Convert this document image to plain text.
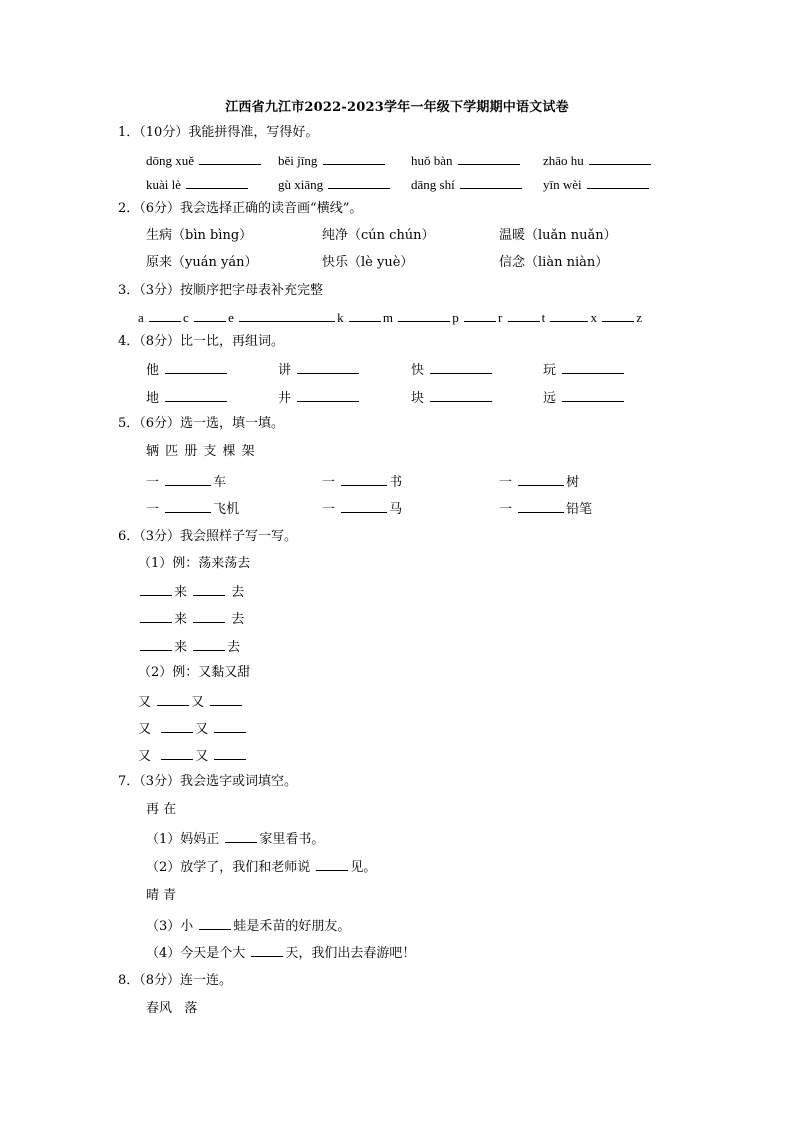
江西省九江市2022-2023学年一年级下学期期中语文试卷
1．（10分）我能拼得准，写得好。
dōng xuě	běi jīng	huǒ bàn	zhāo hu
kuài lè	gù xiāng	dāng shí	yīn wèi
2．（6分）我会选择正确的读音画“横线”。
生病（bìn bìng）	纯净（cún chún）	温暖（luǎn nuǎn）
原来（yuán yán）	快乐（lè yuè）	信念（liàn niàn）
3．（3分）按顺序把字母表补充完整
a	c	e	k	m	p	r	t	x	z
4．（8分）比一比，再组词。
他	讲	快	玩
地	井	块	远
5．（6分）选一选，填一填。
辆 匹 册 支 棵 架
一	车	一	书	一	树
一	飞机	一	马	一	铅笔
6．（3分）我会照样子写一写。
（1）例：荡来荡去
来	去
来	去
来	去
（2）例：又黏又甜
又	又
又	又
又	又
7．（3分）我会选字或词填空。
再 在
（1）妈妈正	家里看书。
（2）放学了，我们和老师说	见。
晴 青
（3）小	蛙是禾苗的好朋友。
（4）今天是个大	天，我们出去春游吧！
8．（8分）连一连。
春风 落
